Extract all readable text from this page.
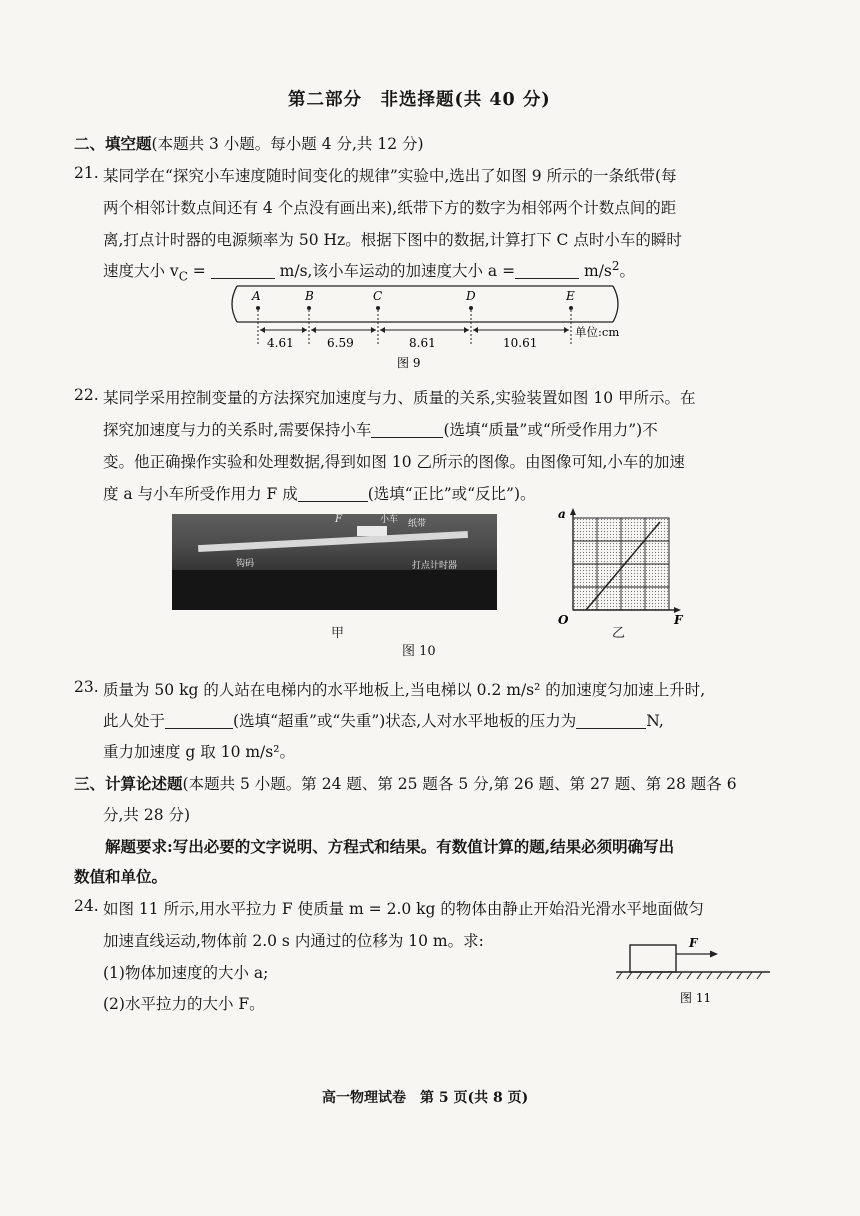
第二部分　非选择题(共 40 分)
二、填空题(本题共 3 小题。每小题 4 分,共 12 分)
21. 某同学在“探究小车速度随时间变化的规律”实验中,选出了如图 9 所示的一条纸带(每
两个相邻计数点间还有 4 个点没有画出来),纸带下方的数字为相邻两个计数点间的距
离,打点计时器的电源频率为 50 Hz。根据下图中的数据,计算打下 C 点时小车的瞬时
速度大小 $v_C$ =	m/s,该小车运动的加速度大小 a =	$m/s^2$。
A	B	C	D	E
4.61	6.59	8.61	10.61
单位:cm
图 9
22. 某同学采用控制变量的方法探究加速度与力、质量的关系,实验装置如图 10 甲所示。在
探究加速度与力的关系时,需要保持小车	(选填“质量”或“所受作用力”)不
变。他正确操作实验和处理数据,得到如图 10 乙所示的图像。由图像可知,小车的加速
度 a 与小车所受作用力 F 成	(选填“正比”或“反比”)。
F	小车 纸带
钩码	打点计时器
甲
a
F
O
乙
图 10
23. 质量为 50 kg 的人站在电梯内的水平地板上,当电梯以 0.2 m/s² 的加速度匀加速上升时,
此人处于	(选填“超重”或“失重”)状态,人对水平地板的压力为	N,
重力加速度 g 取 10 m/s²。
三、计算论述题(本题共 5 小题。第 24 题、第 25 题各 5 分,第 26 题、第 27 题、第 28 题各 6
分,共 28 分)
解题要求:写出必要的文字说明、方程式和结果。有数值计算的题,结果必须明确写出
数值和单位。
24. 如图 11 所示,用水平拉力 F 使质量 m = 2.0 kg 的物体由静止开始沿光滑水平地面做匀
加速直线运动,物体前 2.0 s 内通过的位移为 10 m。求:
(1)物体加速度的大小 a;
(2)水平拉力的大小 F。
F
图 11
高一物理试卷　第 5 页(共 8 页)
